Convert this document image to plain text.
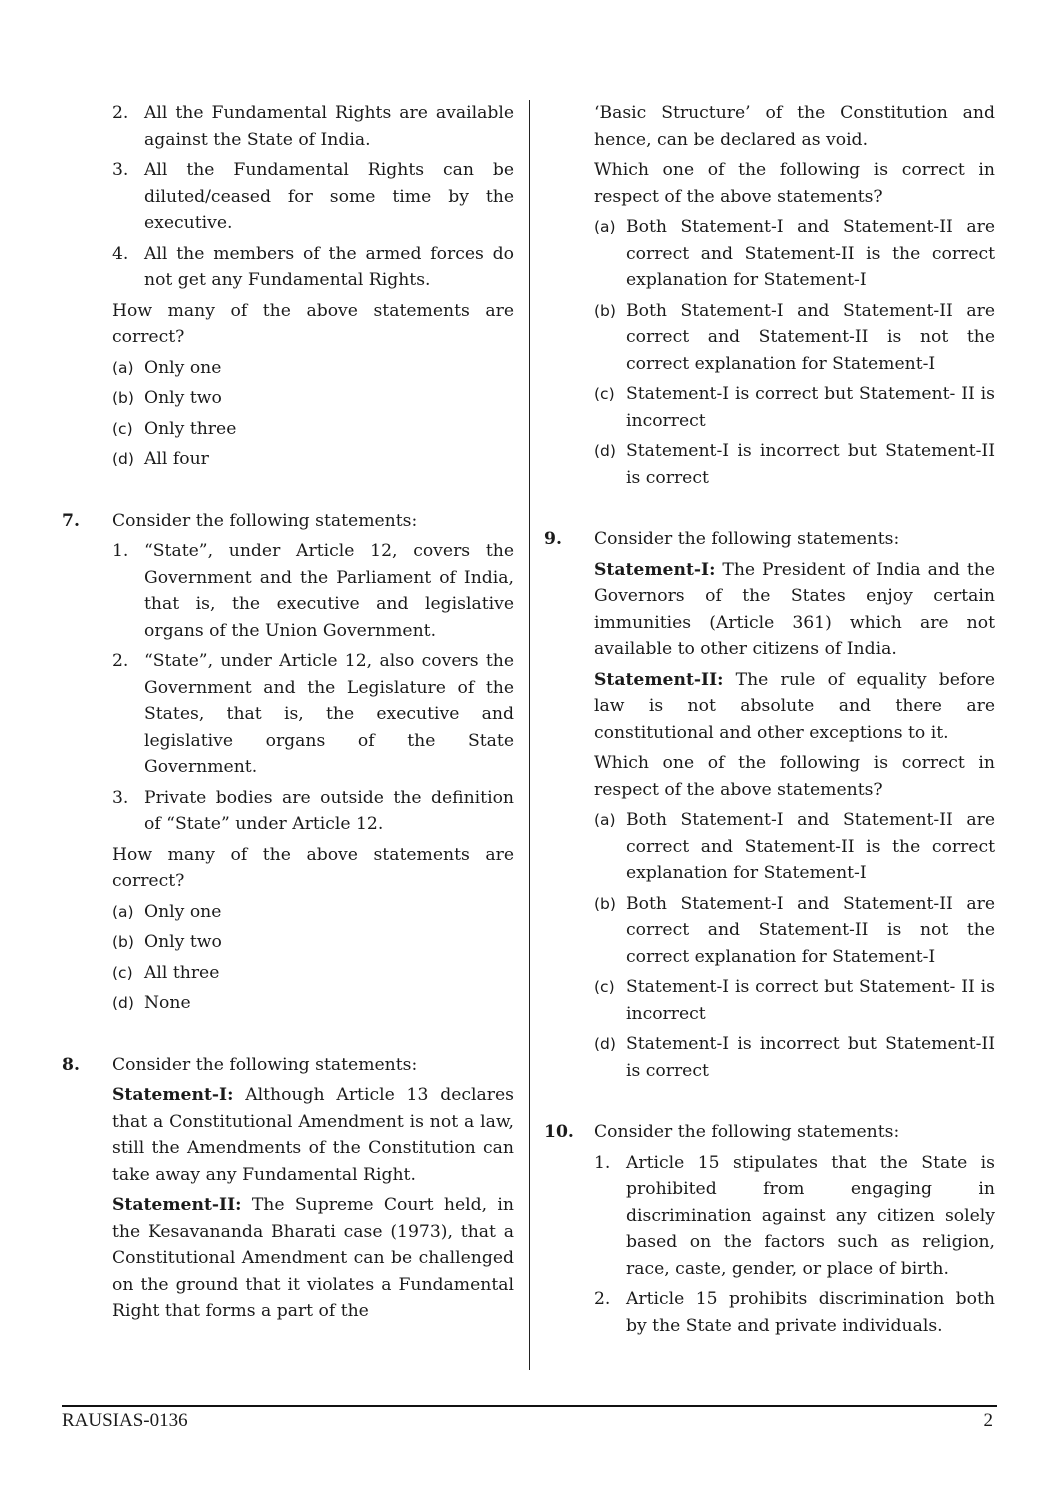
2. All the Fundamental Rights are available against the State of India.
3. All the Fundamental Rights can be diluted/ceased for some time by the executive.
4. All the members of the armed forces do not get any Fundamental Rights.
How many of the above statements are correct?
(a) Only one
(b) Only two
(c) Only three
(d) All four
7. Consider the following statements:
1. “State”, under Article 12, covers the Government and the Parliament of India, that is, the executive and legislative organs of the Union Government.
2. “State”, under Article 12, also covers the Government and the Legislature of the States, that is, the executive and legislative organs of the State Government.
3. Private bodies are outside the definition of “State” under Article 12.
How many of the above statements are correct?
(a) Only one
(b) Only two
(c) All three
(d) None
8. Consider the following statements:
Statement-I: Although Article 13 declares that a Constitutional Amendment is not a law, still the Amendments of the Constitution can take away any Fundamental Right.
Statement-II: The Supreme Court held, in the Kesavananda Bharati case (1973), that a Constitutional Amendment can be challenged on the ground that it violates a Fundamental Right that forms a part of the
‘Basic Structure’ of the Constitution and hence, can be declared as void.
Which one of the following is correct in respect of the above statements?
(a) Both Statement-I and Statement-II are correct and Statement-II is the correct explanation for Statement-I
(b) Both Statement-I and Statement-II are correct and Statement-II is not the correct explanation for Statement-I
(c) Statement-I is correct but Statement- II is incorrect
(d) Statement-I is incorrect but Statement-II is correct
9. Consider the following statements:
Statement-I: The President of India and the Governors of the States enjoy certain immunities (Article 361) which are not available to other citizens of India.
Statement-II: The rule of equality before law is not absolute and there are constitutional and other exceptions to it.
Which one of the following is correct in respect of the above statements?
(a) Both Statement-I and Statement-II are correct and Statement-II is the correct explanation for Statement-I
(b) Both Statement-I and Statement-II are correct and Statement-II is not the correct explanation for Statement-I
(c) Statement-I is correct but Statement- II is incorrect
(d) Statement-I is incorrect but Statement-II is correct
10. Consider the following statements:
1. Article 15 stipulates that the State is prohibited from engaging in discrimination against any citizen solely based on the factors such as religion, race, caste, gender, or place of birth.
2. Article 15 prohibits discrimination both by the State and private individuals.
RAUSIAS-0136	2
